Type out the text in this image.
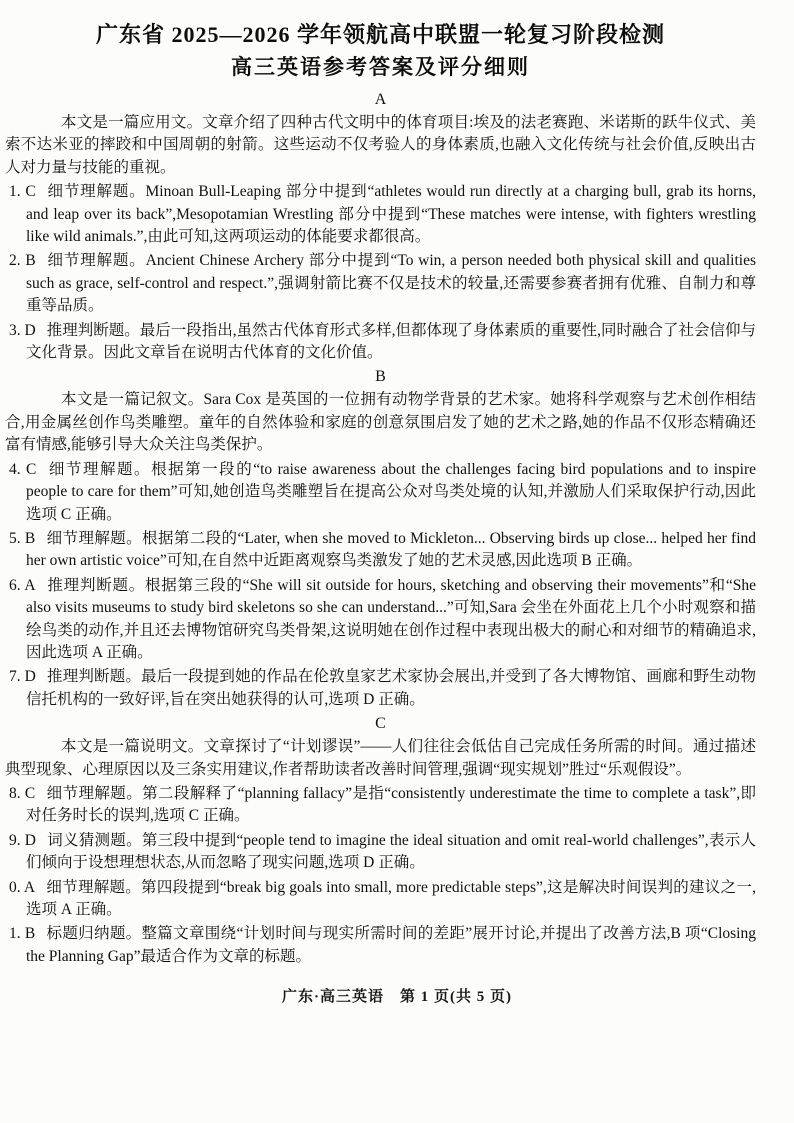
广东省 2025—2026 学年领航高中联盟一轮复习阶段检测
高三英语参考答案及评分细则
A

本文是一篇应用文。文章介绍了四种古代文明中的体育项目:埃及的法老赛跑、米诺斯的跃牛仪式、美索不达米亚的摔跤和中国周朝的射箭。这些运动不仅考验人的身体素质,也融入文化传统与社会价值,反映出古人对力量与技能的重视。

1. C 细节理解题。Minoan Bull-Leaping 部分中提到“athletes would run directly at a charging bull, grab its horns, and leap over its back”,Mesopotamian Wrestling 部分中提到“These matches were intense, with fighters wrestling like wild animals.”,由此可知,这两项运动的体能要求都很高。
2. B 细节理解题。Ancient Chinese Archery 部分中提到“To win, a person needed both physical skill and qualities such as grace, self-control and respect.”,强调射箭比赛不仅是技术的较量,还需要参赛者拥有优雅、自制力和尊重等品质。
3. D 推理判断题。最后一段指出,虽然古代体育形式多样,但都体现了身体素质的重要性,同时融合了社会信仰与文化背景。因此文章旨在说明古代体育的文化价值。
B

本文是一篇记叙文。Sara Cox 是英国的一位拥有动物学背景的艺术家。她将科学观察与艺术创作相结合,用金属丝创作鸟类雕塑。童年的自然体验和家庭的创意氛围启发了她的艺术之路,她的作品不仅形态精确还富有情感,能够引导大众关注鸟类保护。

4. C 细节理解题。根据第一段的“to raise awareness about the challenges facing bird populations and to inspire people to care for them”可知,她创造鸟类雕塑旨在提高公众对鸟类处境的认知,并激励人们采取保护行动,因此选项 C 正确。
5. B 细节理解题。根据第二段的“Later, when she moved to Mickleton... Observing birds up close... helped her find her own artistic voice”可知,在自然中近距离观察鸟类激发了她的艺术灵感,因此选项 B 正确。
6. A 推理判断题。根据第三段的“She will sit outside for hours, sketching and observing their movements”和“She also visits museums to study bird skeletons so she can understand...”可知,Sara 会坐在外面花上几个小时观察和描绘鸟类的动作,并且还去博物馆研究鸟类骨架,这说明她在创作过程中表现出极大的耐心和对细节的精确追求,因此选项 A 正确。
7. D 推理判断题。最后一段提到她的作品在伦敦皇家艺术家协会展出,并受到了各大博物馆、画廊和野生动物信托机构的一致好评,旨在突出她获得的认可,选项 D 正确。
C

本文是一篇说明文。文章探讨了“计划谬误”——人们往往会低估自己完成任务所需的时间。通过描述典型现象、心理原因以及三条实用建议,作者帮助读者改善时间管理,强调“现实规划”胜过“乐观假设”。

8. C 细节理解题。第二段解释了“planning fallacy”是指“consistently underestimate the time to complete a task”,即对任务时长的误判,选项 C 正确。
9. D 词义猜测题。第三段中提到“people tend to imagine the ideal situation and omit real-world challenges”,表示人们倾向于设想理想状态,从而忽略了现实问题,选项 D 正确。
0. A 细节理解题。第四段提到“break big goals into small, more predictable steps”,这是解决时间误判的建议之一,选项 A 正确。
1. B 标题归纳题。整篇文章围绕“计划时间与现实所需时间的差距”展开讨论,并提出了改善方法,B 项“Closing the Planning Gap”最适合作为文章的标题。
广东·高三英语　第 1 页(共 5 页)
